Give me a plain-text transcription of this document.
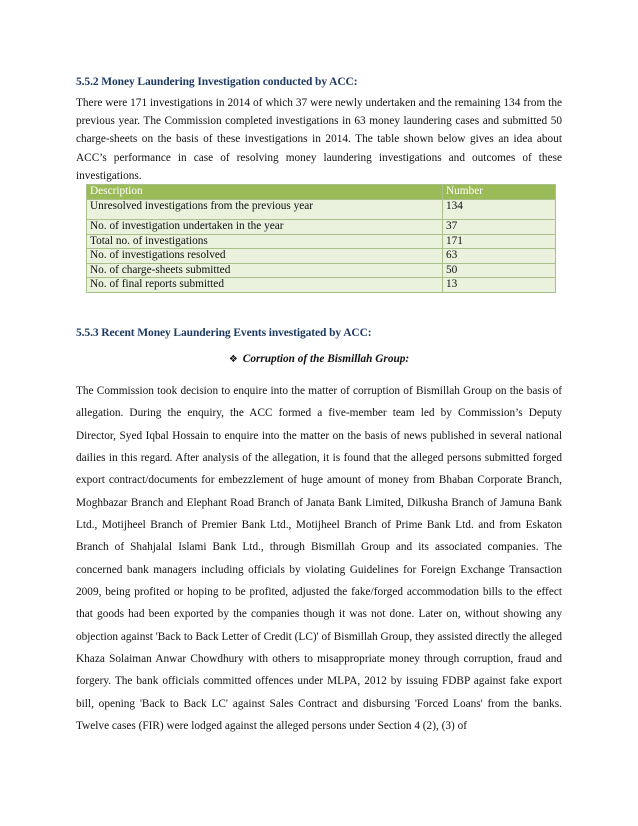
5.5.2 Money Laundering Investigation conducted by ACC:

There were 171 investigations in 2014 of which 37 were newly undertaken and the remaining 134 from the previous year. The Commission completed investigations in 63 money laundering cases and submitted 50 charge-sheets on the basis of these investigations in 2014. The table shown below gives an idea about ACC’s performance in case of resolving money laundering investigations and outcomes of these investigations.

Description	Number
Unresolved investigations from the previous year	134
No. of investigation undertaken in the year	37
Total no. of investigations	171
No. of investigations resolved	63
No. of charge-sheets submitted	50
No. of final reports submitted	13
5.5.3 Recent Money Laundering Events investigated by ACC:
❖ Corruption of the Bismillah Group:

The Commission took decision to enquire into the matter of corruption of Bismillah Group on the basis of allegation. During the enquiry, the ACC formed a five-member team led by Commission’s Deputy Director, Syed Iqbal Hossain to enquire into the matter on the basis of news published in several national dailies in this regard. After analysis of the allegation, it is found that the alleged persons submitted forged export contract/documents for embezzlement of huge amount of money from Bhaban Corporate Branch, Moghbazar Branch and Elephant Road Branch of Janata Bank Limited, Dilkusha Branch of Jamuna Bank Ltd., Motijheel Branch of Premier Bank Ltd., Motijheel Branch of Prime Bank Ltd. and from Eskaton Branch of Shahjalal Islami Bank Ltd., through Bismillah Group and its associated companies. The concerned bank managers including officials by violating Guidelines for Foreign Exchange Transaction 2009, being profited or hoping to be profited, adjusted the fake/forged accommodation bills to the effect that goods had been exported by the companies though it was not done. Later on, without showing any objection against 'Back to Back Letter of Credit (LC)' of Bismillah Group, they assisted directly the alleged Khaza Solaiman Anwar Chowdhury with others to misappropriate money through corruption, fraud and forgery. The bank officials committed offences under MLPA, 2012 by issuing FDBP against fake export bill, opening 'Back to Back LC' against Sales Contract and disbursing 'Forced Loans' from the banks. Twelve cases (FIR) were lodged against the alleged persons under Section 4 (2), (3) of
